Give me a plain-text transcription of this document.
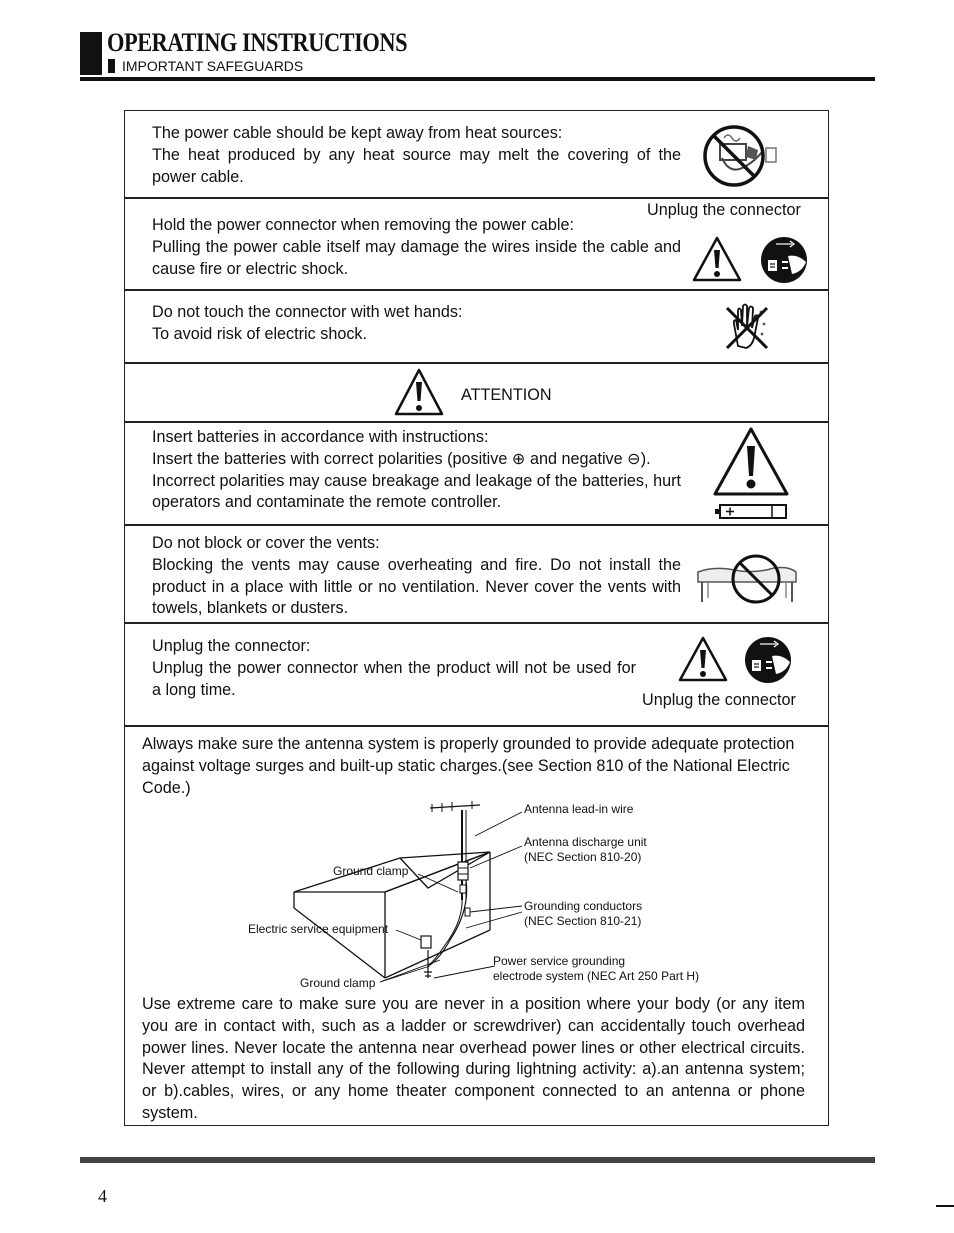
OPERATING INSTRUCTIONS
IMPORTANT SAFEGUARDS
The power cable should be kept away from heat sources:
The heat produced by any heat source may melt the covering of the power cable.
Unplug the connector
Hold the power connector when removing the power cable:
Pulling the power cable itself may damage the wires inside the cable and cause fire or electric shock.
Do not touch the connector with wet hands:
To avoid risk of electric shock.
ATTENTION
Insert batteries in accordance with instructions:
Insert the batteries with correct polarities (positive ⊕ and negative ⊖).
Incorrect polarities may cause breakage and leakage of the batteries, hurt operators and contaminate the remote controller.
Do not block or cover the vents:
Blocking the vents may cause overheating and fire. Do not install the product in a place with little or no ventilation. Never cover the vents with towels, blankets or dusters.
Unplug the connector:
Unplug the power connector when the product will not be used for a long time.
Unplug the connector
Always make sure the antenna system is properly grounded to provide adequate protection against voltage surges and built-up static charges.(see Section 810 of the National Electric Code.)
Antenna lead-in wire
Antenna discharge unit
(NEC Section 810-20)
Ground clamp
Grounding conductors
(NEC Section 810-21)
Electric service equipment
Power service grounding
electrode system (NEC Art 250 Part H)
Ground clamp
Use extreme care to make sure you are never in a position where your body (or any item you are in contact with, such as a ladder or screwdriver) can accidentally touch overhead power lines. Never locate the antenna near overhead power lines or other electrical circuits. Never attempt to install any of the following during lightning activity: a).an antenna system; or b).cables, wires, or any home theater component connected to an antenna or phone system.
4
